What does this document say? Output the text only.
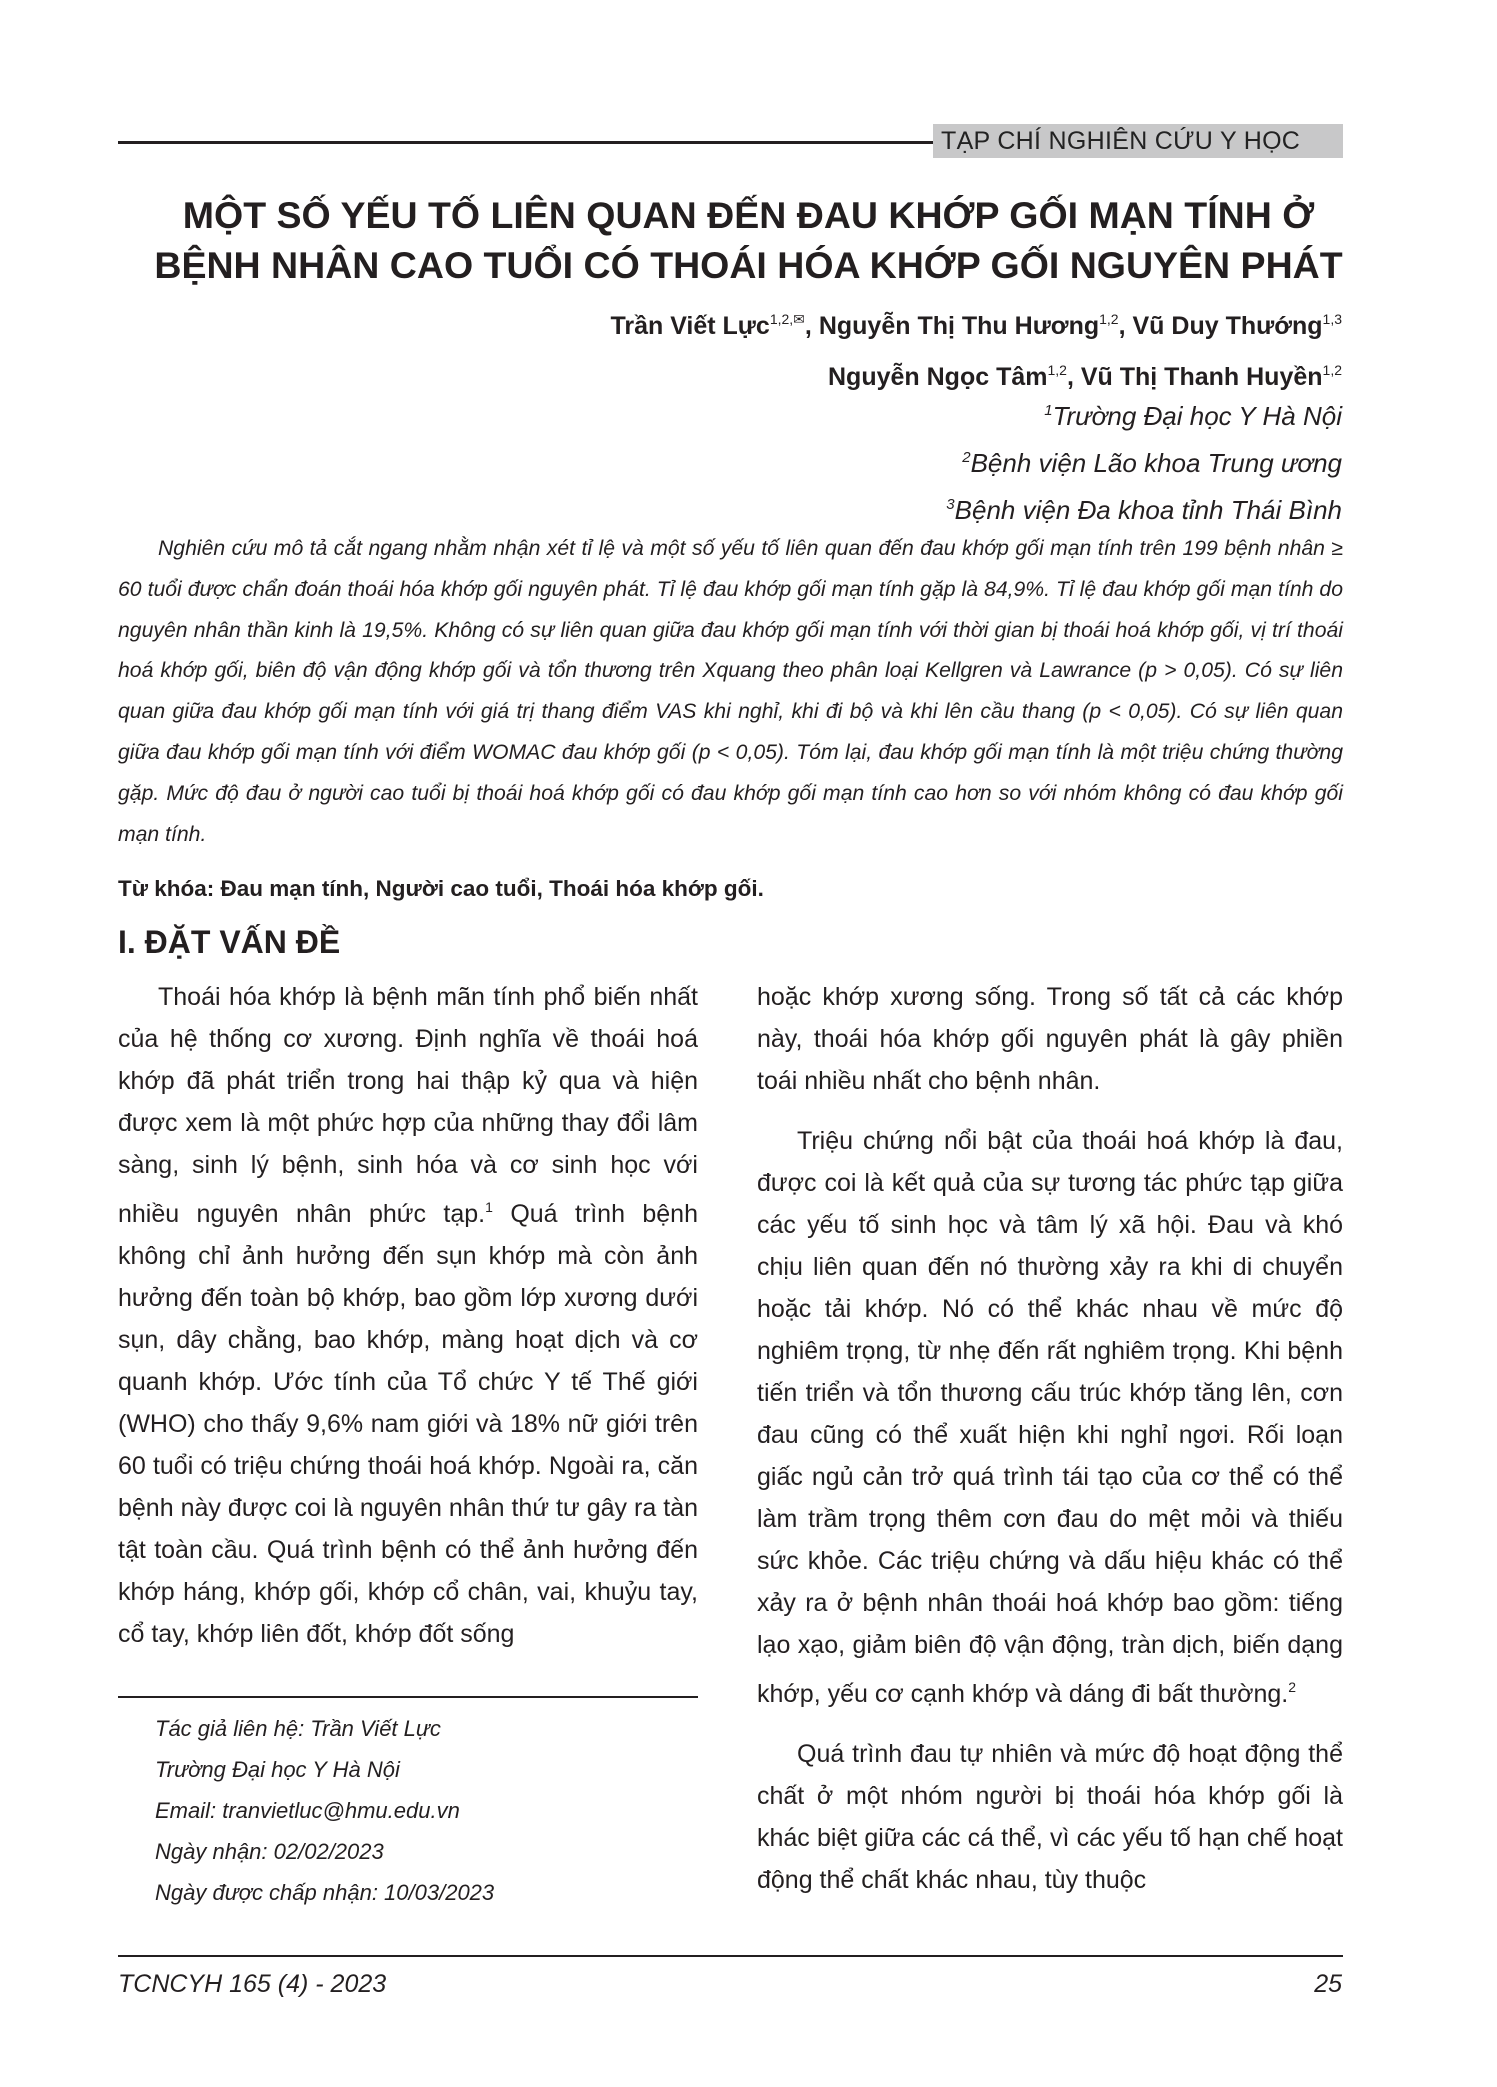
TẠP CHÍ NGHIÊN CỨU Y HỌC
MỘT SỐ YẾU TỐ LIÊN QUAN ĐẾN ĐAU KHỚP GỐI MẠN TÍNH Ở
BỆNH NHÂN CAO TUỔI CÓ THOÁI HÓA KHỚP GỐI NGUYÊN PHÁT
Trần Viết Lực$^{1,2,✉}$, Nguyễn Thị Thu Hương$^{1,2}$, Vũ Duy Thướng$^{1,3}$
Nguyễn Ngọc Tâm$^{1,2}$, Vũ Thị Thanh Huyền$^{1,2}$
$^1$Trường Đại học Y Hà Nội
$^2$Bệnh viện Lão khoa Trung ương
$^3$Bệnh viện Đa khoa tỉnh Thái Bình

Nghiên cứu mô tả cắt ngang nhằm nhận xét tỉ lệ và một số yếu tố liên quan đến đau khớp gối mạn tính trên 199 bệnh nhân ≥ 60 tuổi được chẩn đoán thoái hóa khớp gối nguyên phát. Tỉ lệ đau khớp gối mạn tính gặp là 84,9%. Tỉ lệ đau khớp gối mạn tính do nguyên nhân thần kinh là 19,5%. Không có sự liên quan giữa đau khớp gối mạn tính với thời gian bị thoái hoá khớp gối, vị trí thoái hoá khớp gối, biên độ vận động khớp gối và tổn thương trên Xquang theo phân loại Kellgren và Lawrance (p > 0,05). Có sự liên quan giữa đau khớp gối mạn tính với giá trị thang điểm VAS khi nghỉ, khi đi bộ và khi lên cầu thang (p < 0,05). Có sự liên quan giữa đau khớp gối mạn tính với điểm WOMAC đau khớp gối (p < 0,05). Tóm lại, đau khớp gối mạn tính là một triệu chứng thường gặp. Mức độ đau ở người cao tuổi bị thoái hoá khớp gối có đau khớp gối mạn tính cao hơn so với nhóm không có đau khớp gối mạn tính.

Từ khóa: Đau mạn tính, Người cao tuổi, Thoái hóa khớp gối.
I. ĐẶT VẤN ĐỀ

Thoái hóa khớp là bệnh mãn tính phổ biến nhất của hệ thống cơ xương. Định nghĩa về thoái hoá khớp đã phát triển trong hai thập kỷ qua và hiện được xem là một phức hợp của những thay đổi lâm sàng, sinh lý bệnh, sinh hóa và cơ sinh học với nhiều nguyên nhân phức tạp.$^1$ Quá trình bệnh không chỉ ảnh hưởng đến sụn khớp mà còn ảnh hưởng đến toàn bộ khớp, bao gồm lớp xương dưới sụn, dây chằng, bao khớp, màng hoạt dịch và cơ quanh khớp. Ước tính của Tổ chức Y tế Thế giới (WHO) cho thấy 9,6% nam giới và 18% nữ giới trên 60 tuổi có triệu chứng thoái hoá khớp. Ngoài ra, căn bệnh này được coi là nguyên nhân thứ tư gây ra tàn tật toàn cầu. Quá trình bệnh có thể ảnh hưởng đến khớp háng, khớp gối, khớp cổ chân, vai, khuỷu tay, cổ tay, khớp liên đốt, khớp đốt sống

hoặc khớp xương sống. Trong số tất cả các khớp này, thoái hóa khớp gối nguyên phát là gây phiền toái nhiều nhất cho bệnh nhân.

Triệu chứng nổi bật của thoái hoá khớp là đau, được coi là kết quả của sự tương tác phức tạp giữa các yếu tố sinh học và tâm lý xã hội. Đau và khó chịu liên quan đến nó thường xảy ra khi di chuyển hoặc tải khớp. Nó có thể khác nhau về mức độ nghiêm trọng, từ nhẹ đến rất nghiêm trọng. Khi bệnh tiến triển và tổn thương cấu trúc khớp tăng lên, cơn đau cũng có thể xuất hiện khi nghỉ ngơi. Rối loạn giấc ngủ cản trở quá trình tái tạo của cơ thể có thể làm trầm trọng thêm cơn đau do mệt mỏi và thiếu sức khỏe. Các triệu chứng và dấu hiệu khác có thể xảy ra ở bệnh nhân thoái hoá khớp bao gồm: tiếng lạo xạo, giảm biên độ vận động, tràn dịch, biến dạng khớp, yếu cơ cạnh khớp và dáng đi bất thường.$^2$

Quá trình đau tự nhiên và mức độ hoạt động thể chất ở một nhóm người bị thoái hóa khớp gối là khác biệt giữa các cá thể, vì các yếu tố hạn chế hoạt động thể chất khác nhau, tùy thuộc

Tác giả liên hệ: Trần Viết Lực
Trường Đại học Y Hà Nội
Email: tranvietluc@hmu.edu.vn
Ngày nhận: 02/02/2023
Ngày được chấp nhận: 10/03/2023
TCNCYH 165 (4) - 2023	25
